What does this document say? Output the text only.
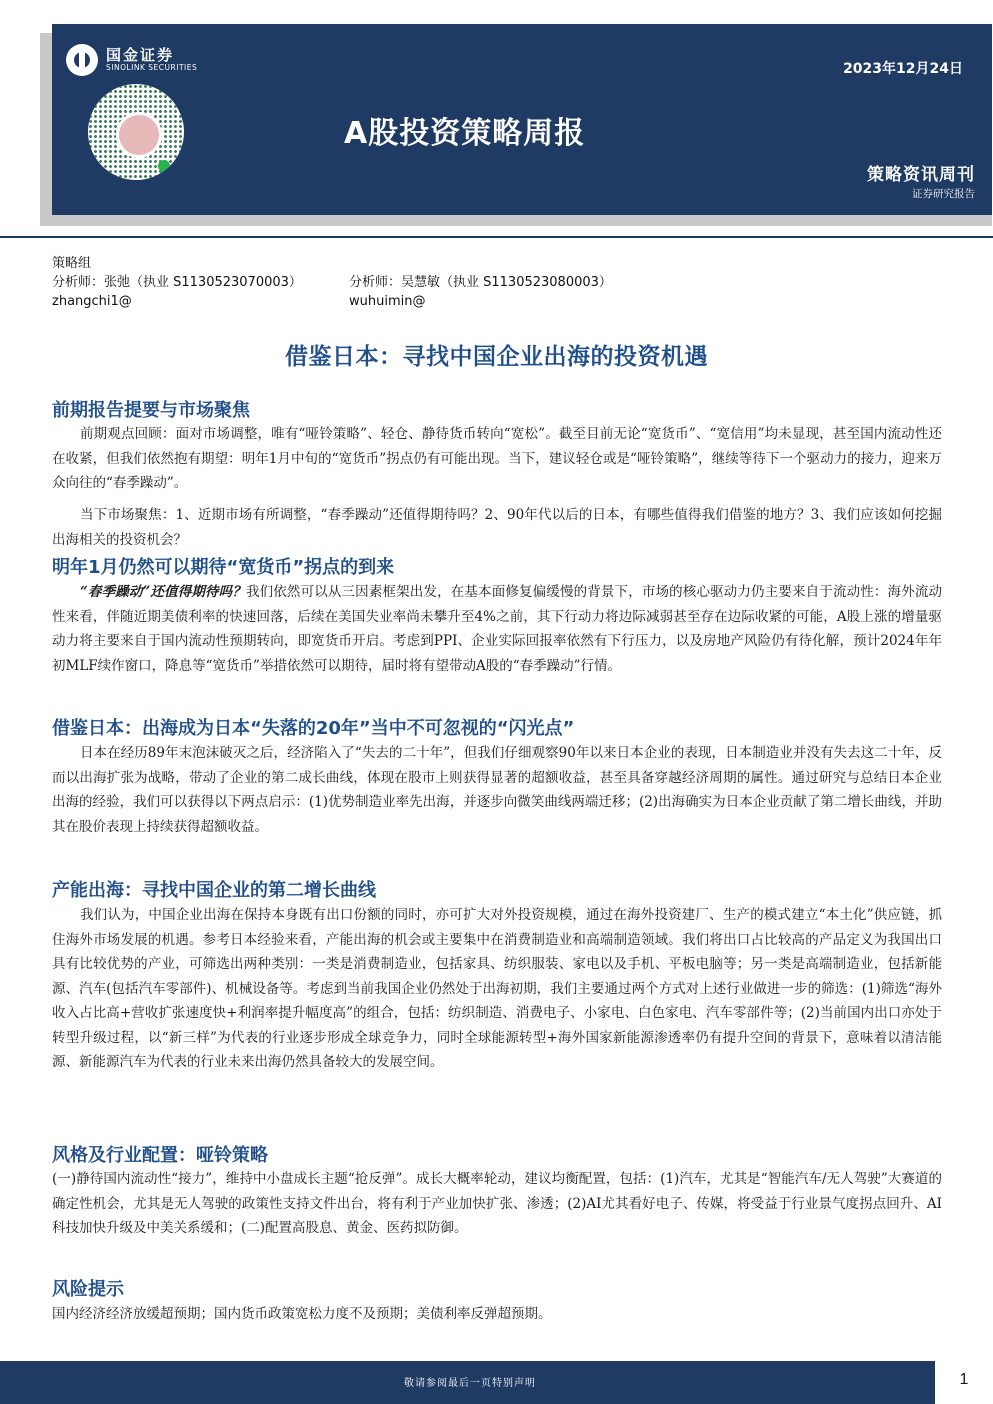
国金证券
SINOLINK SECURITIES	2023年12月24日
A股投资策略周报
策略资讯周刊
证券研究报告
策略组
分析师：张弛（执业 S1130523070003）	分析师：吴慧敏（执业 S1130523080003）
zhangchi1@	wuhuimin@
借鉴日本：寻找中国企业出海的投资机遇
前期报告提要与市场聚焦
前期观点回顾：面对市场调整，唯有“哑铃策略”、轻仓、静待货币转向“宽松”。截至目前无论“宽货币”、“宽信用”均未显现，甚至国内流动性还在收紧，但我们依然抱有期望：明年1月中旬的“宽货币”拐点仍有可能出现。当下，建议轻仓或是“哑铃策略”，继续等待下一个驱动力的接力，迎来万众向往的“春季躁动”。
当下市场聚焦：1、近期市场有所调整，“春季躁动”还值得期待吗？2、90年代以后的日本，有哪些值得我们借鉴的地方？3、我们应该如何挖掘出海相关的投资机会？
明年1月仍然可以期待“宽货币”拐点的到来
“春季躁动”还值得期待吗？我们依然可以从三因素框架出发，在基本面修复偏缓慢的背景下，市场的核心驱动力仍主要来自于流动性：海外流动性来看，伴随近期美债利率的快速回落，后续在美国失业率尚未攀升至4%之前，其下行动力将边际减弱甚至存在边际收紧的可能，A股上涨的增量驱动力将主要来自于国内流动性预期转向，即宽货币开启。考虑到PPI、企业实际回报率依然有下行压力，以及房地产风险仍有待化解，预计2024年年初MLF续作窗口，降息等“宽货币”举措依然可以期待，届时将有望带动A股的“春季躁动”行情。
借鉴日本：出海成为日本“失落的20年”当中不可忽视的“闪光点”
日本在经历89年末泡沫破灭之后，经济陷入了“失去的二十年”，但我们仔细观察90年以来日本企业的表现，日本制造业并没有失去这二十年，反而以出海扩张为战略，带动了企业的第二成长曲线，体现在股市上则获得显著的超额收益，甚至具备穿越经济周期的属性。通过研究与总结日本企业出海的经验，我们可以获得以下两点启示：(1)优势制造业率先出海，并逐步向微笑曲线两端迁移；(2)出海确实为日本企业贡献了第二增长曲线，并助其在股价表现上持续获得超额收益。
产能出海：寻找中国企业的第二增长曲线
我们认为，中国企业出海在保持本身既有出口份额的同时，亦可扩大对外投资规模，通过在海外投资建厂、生产的模式建立“本土化”供应链，抓住海外市场发展的机遇。参考日本经验来看，产能出海的机会或主要集中在消费制造业和高端制造领域。我们将出口占比较高的产品定义为我国出口具有比较优势的产业，可筛选出两种类别：一类是消费制造业，包括家具、纺织服装、家电以及手机、平板电脑等；另一类是高端制造业，包括新能源、汽车(包括汽车零部件)、机械设备等。考虑到当前我国企业仍然处于出海初期，我们主要通过两个方式对上述行业做进一步的筛选：(1)筛选“海外收入占比高+营收扩张速度快+利润率提升幅度高”的组合，包括：纺织制造、消费电子、小家电、白色家电、汽车零部件等；(2)当前国内出口亦处于转型升级过程，以“新三样”为代表的行业逐步形成全球竞争力，同时全球能源转型+海外国家新能源渗透率仍有提升空间的背景下，意味着以清洁能源、新能源汽车为代表的行业未来出海仍然具备较大的发展空间。
风格及行业配置：哑铃策略
(一)静待国内流动性“接力”，维持中小盘成长主题“抢反弹”。成长大概率轮动，建议均衡配置，包括：(1)汽车，尤其是“智能汽车/无人驾驶”大赛道的确定性机会，尤其是无人驾驶的政策性支持文件出台，将有利于产业加快扩张、渗透；(2)AI尤其看好电子、传媒，将受益于行业景气度拐点回升、AI科技加快升级及中美关系缓和；(二)配置高股息、黄金、医药拟防御。
风险提示
国内经济经济放缓超预期；国内货币政策宽松力度不及预期；美债利率反弹超预期。
敬请参阅最后一页特别声明	1
